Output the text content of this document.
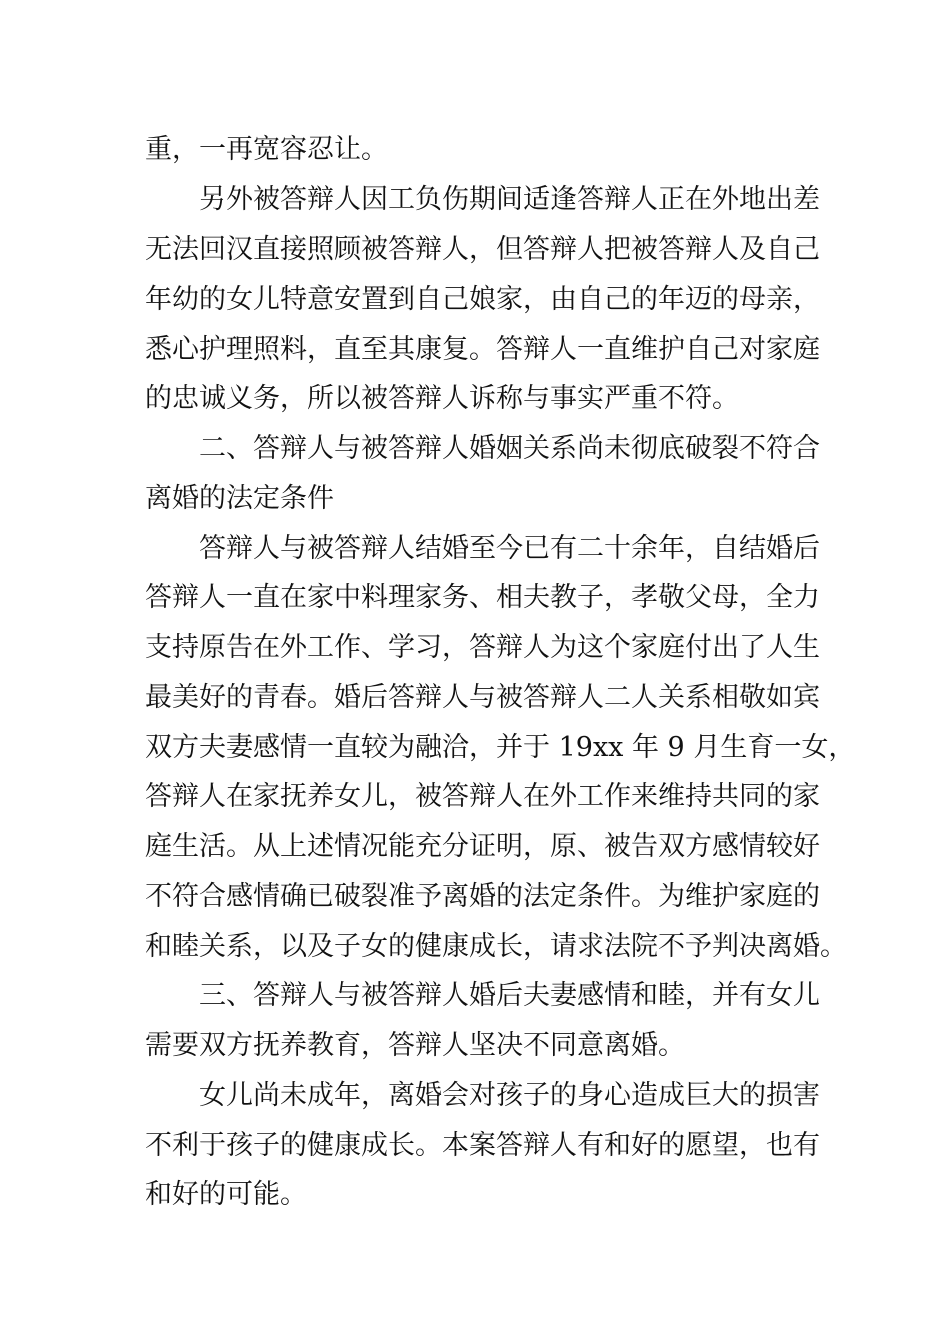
重，一再宽容忍让。
另外被答辩人因工负伤期间适逢答辩人正在外地出差
无法回汉直接照顾被答辩人，但答辩人把被答辩人及自己
年幼的女儿特意安置到自己娘家，由自己的年迈的母亲，
悉心护理照料，直至其康复。答辩人一直维护自己对家庭
的忠诚义务，所以被答辩人诉称与事实严重不符。
二、答辩人与被答辩人婚姻关系尚未彻底破裂不符合
离婚的法定条件
答辩人与被答辩人结婚至今已有二十余年，自结婚后
答辩人一直在家中料理家务、相夫教子，孝敬父母，全力
支持原告在外工作、学习，答辩人为这个家庭付出了人生
最美好的青春。婚后答辩人与被答辩人二人关系相敬如宾
双方夫妻感情一直较为融洽，并于 19xx 年 9 月生育一女，
答辩人在家抚养女儿，被答辩人在外工作来维持共同的家
庭生活。从上述情况能充分证明，原、被告双方感情较好
不符合感情确已破裂准予离婚的法定条件。为维护家庭的
和睦关系，以及子女的健康成长，请求法院不予判决离婚。
三、答辩人与被答辩人婚后夫妻感情和睦，并有女儿
需要双方抚养教育，答辩人坚决不同意离婚。
女儿尚未成年，离婚会对孩子的身心造成巨大的损害
不利于孩子的健康成长。本案答辩人有和好的愿望，也有
和好的可能。
